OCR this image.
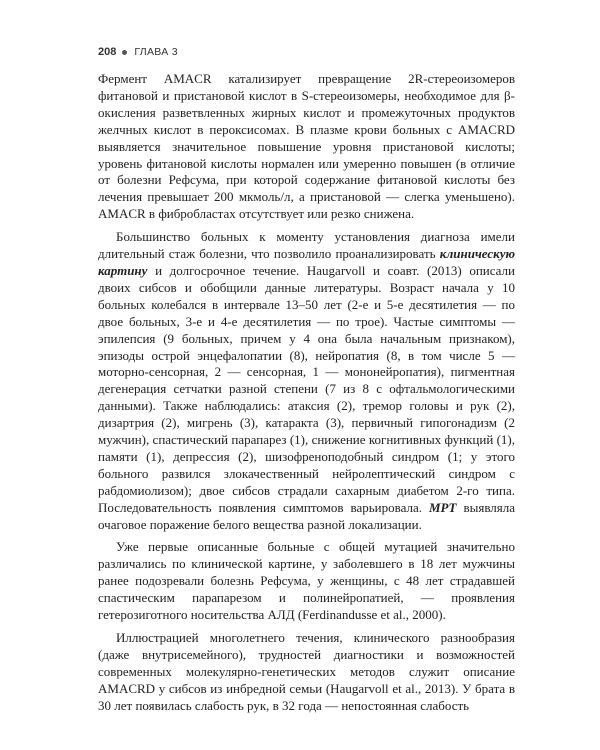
208 ГЛАВА 3

Фермент AMACR катализирует превращение 2R-стереоизомеров фитановой и пристановой кислот в S-стереоизомеры, необходимое для β-окисления разветвленных жирных кислот и промежуточных продуктов желчных кислот в пероксисомах. В плазме крови больных с AMACRD выявляется значительное повышение уровня пристановой кислоты; уровень фитановой кислоты нормален или умеренно повышен (в отличие от болезни Рефсума, при которой содержание фитановой кислоты без лечения превышает 200 мкмоль/л, а пристановой — слегка уменьшено). AMACR в фибробластах отсутствует или резко снижена.

Большинство больных к моменту установления диагноза имели длительный стаж болезни, что позволило проанализировать клиническую картину и долгосрочное течение. Haugarvoll и соавт. (2013) описали двоих сибсов и обобщили данные литературы. Возраст начала у 10 больных колебался в интервале 13–50 лет (2-е и 5-е десятилетия — по двое больных, 3-е и 4-е десятилетия — по трое). Частые симптомы — эпилепсия (9 больных, причем у 4 она была начальным признаком), эпизоды острой энцефалопатии (8), нейропатия (8, в том числе 5 — моторно-сенсорная, 2 — сенсорная, 1 — мононейропатия), пигментная дегенерация сетчатки разной степени (7 из 8 с офтальмологическими данными). Также наблюдались: атаксия (2), тремор головы и рук (2), дизартрия (2), мигрень (3), катаракта (3), первичный гипогонадизм (2 мужчин), спастический парапарез (1), снижение когнитивных функций (1), памяти (1), депрессия (2), шизофреноподобный синдром (1; у этого больного развился злокачественный нейролептический синдром с рабдомиолизом); двое сибсов страдали сахарным диабетом 2-го типа. Последовательность появления симптомов варьировала. МРТ выявляла очаговое поражение белого вещества разной локализации.

Уже первые описанные больные с общей мутацией значительно различались по клинической картине, у заболевшего в 18 лет мужчины ранее подозревали болезнь Рефсума, у женщины, с 48 лет страдавшей спастическим парапарезом и полинейропатией, — проявления гетерозиготного носительства АЛД (Ferdinandusse et al., 2000).

Иллюстрацией многолетнего течения, клинического разнообразия (даже внутрисемейного), трудностей диагностики и возможностей современных молекулярно-генетических методов служит описание AMACRD у сибсов из инбредной семьи (Haugarvoll et al., 2013). У брата в 30 лет появилась слабость рук, в 32 года — непостоянная слабость
